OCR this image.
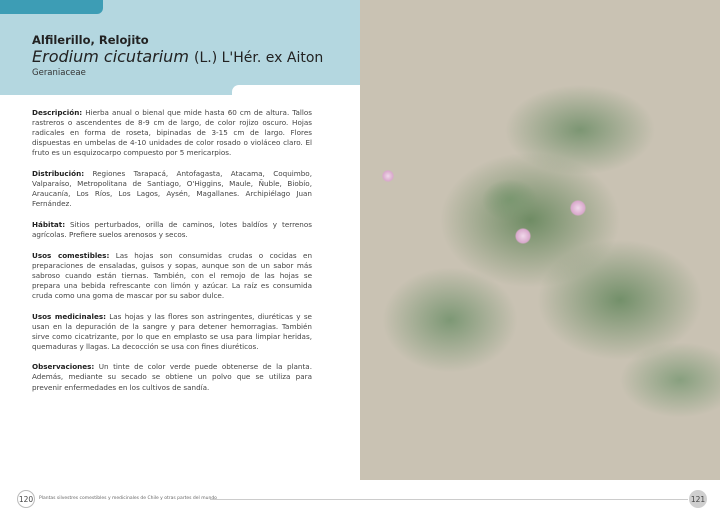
Alfilerillo, Relojito
Erodium cicutarium (L.) L'Hér. ex Aiton
Geraniaceae

Descripción: Hierba anual o bienal que mide hasta 60 cm de altura. Tallos rastreros o ascendentes de 8-9 cm de largo, de color rojizo oscuro. Hojas radicales en forma de roseta, bipinadas de 3-15 cm de largo. Flores dispuestas en umbelas de 4-10 unidades de color rosado o violáceo claro. El fruto es un esquizocarpo compuesto por 5 mericarpios.

Distribución: Regiones Tarapacá, Antofagasta, Atacama, Coquimbo, Valparaíso, Metropolitana de Santiago, O'Higgins, Maule, Ñuble, Biobío, Araucanía, Los Ríos, Los Lagos, Aysén, Magallanes. Archipiélago Juan Fernández.

Hábitat: Sitios perturbados, orilla de caminos, lotes baldíos y terrenos agrícolas. Prefiere suelos arenosos y secos.

Usos comestibles: Las hojas son consumidas crudas o cocidas en preparaciones de ensaladas, guisos y sopas, aunque son de un sabor más sabroso cuando están tiernas. También, con el remojo de las hojas se prepara una bebida refrescante con limón y azúcar. La raíz es consumida cruda como una goma de mascar por su sabor dulce.

Usos medicinales: Las hojas y las flores son astringentes, diuréticas y se usan en la depuración de la sangre y para detener hemorragias. También sirve como cicatrizante, por lo que en emplasto se usa para limpiar heridas, quemaduras y llagas. La decocción se usa con fines diuréticos.

Observaciones: Un tinte de color verde puede obtenerse de la planta. Además, mediante su secado se obtiene un polvo que se utiliza para prevenir enfermedades en los cultivos de sandía.

120	Plantas silvestres comestibles y medicinales de Chile y otras partes del mundo	121
